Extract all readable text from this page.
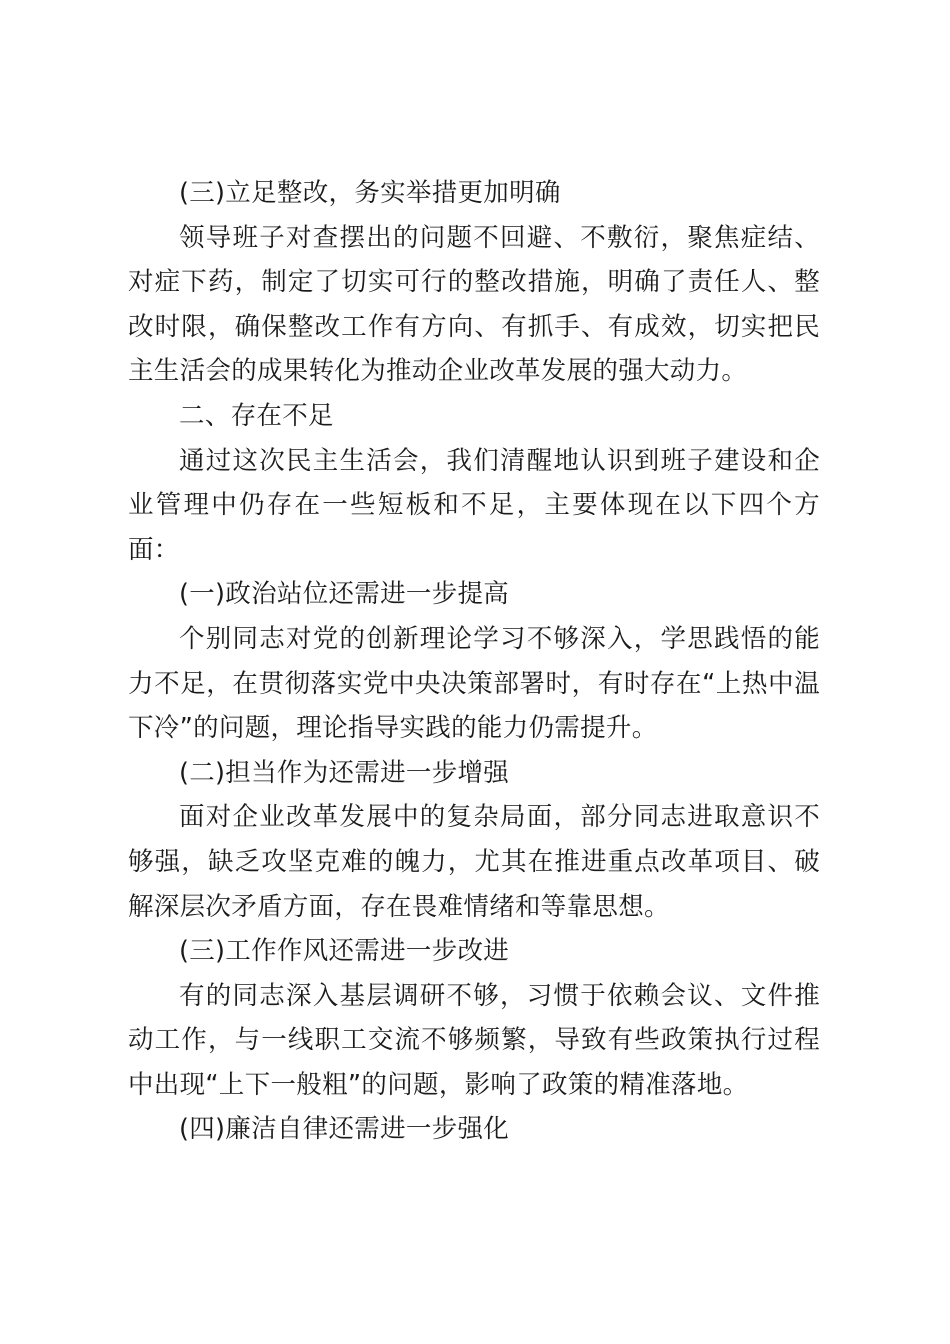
(三)立足整改，务实举措更加明确

领导班子对查摆出的问题不回避、不敷衍，聚焦症结、对症下药，制定了切实可行的整改措施，明确了责任人、整改时限，确保整改工作有方向、有抓手、有成效，切实把民主生活会的成果转化为推动企业改革发展的强大动力。

二、存在不足

通过这次民主生活会，我们清醒地认识到班子建设和企业管理中仍存在一些短板和不足，主要体现在以下四个方面：

(一)政治站位还需进一步提高

个别同志对党的创新理论学习不够深入，学思践悟的能力不足，在贯彻落实党中央决策部署时，有时存在“上热中温下冷”的问题，理论指导实践的能力仍需提升。

(二)担当作为还需进一步增强

面对企业改革发展中的复杂局面，部分同志进取意识不够强，缺乏攻坚克难的魄力，尤其在推进重点改革项目、破解深层次矛盾方面，存在畏难情绪和等靠思想。

(三)工作作风还需进一步改进

有的同志深入基层调研不够，习惯于依赖会议、文件推动工作，与一线职工交流不够频繁，导致有些政策执行过程中出现“上下一般粗”的问题，影响了政策的精准落地。

(四)廉洁自律还需进一步强化
